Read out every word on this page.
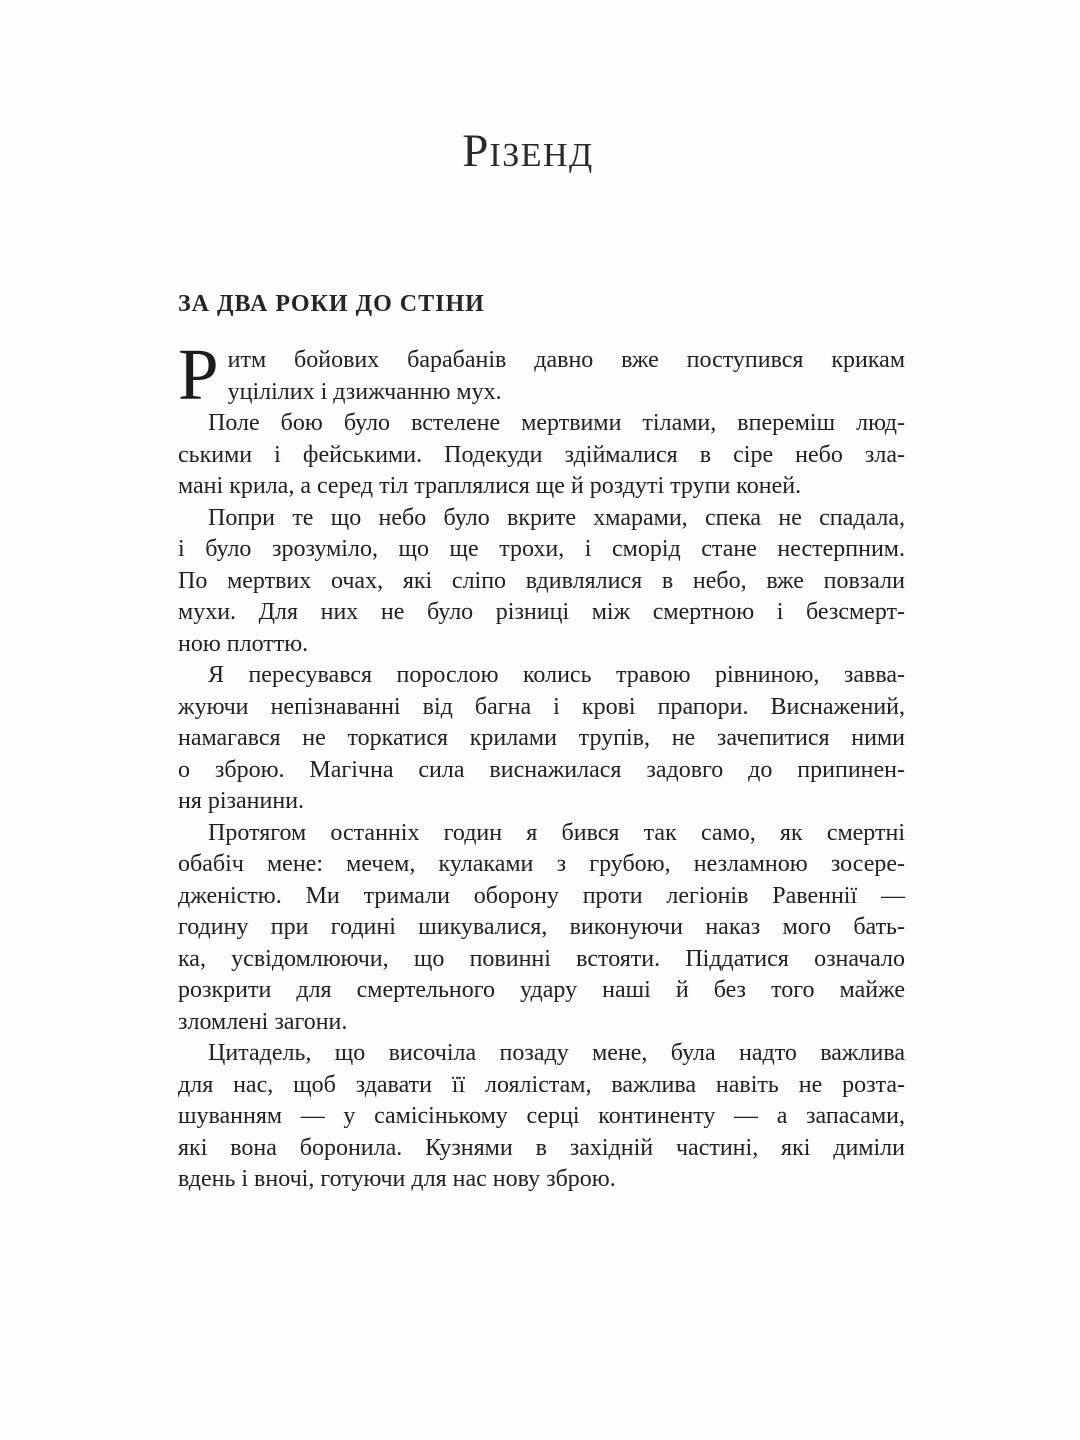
РІЗЕНД
ЗА ДВА РОКИ ДО СТІНИ
Р итм бойових барабанів давно вже поступився крикам
уцілілих і дзижчанню мух.
Поле бою було встелене мертвими тілами, впереміш люд-
ськими і фейськими. Подекуди здіймалися в сіре небо зла-
мані крила, а серед тіл траплялися ще й роздуті трупи коней.
Попри те що небо було вкрите хмарами, спека не спадала,
і було зрозуміло, що ще трохи, і сморід стане нестерпним.
По мертвих очах, які сліпо вдивлялися в небо, вже повзали
мухи. Для них не було різниці між смертною і безсмерт-
ною плоттю.
Я пересувався порослою колись травою рівниною, завва-
жуючи непізнаванні від багна і крові прапори. Виснажений,
намагався не торкатися крилами трупів, не зачепитися ними
о зброю. Магічна сила виснажилася задовго до припинен-
ня різанини.
Протягом останніх годин я бився так само, як смертні
обабіч мене: мечем, кулаками з грубою, незламною зосере-
дженістю. Ми тримали оборону проти легіонів Равеннії —
годину при годині шикувалися, виконуючи наказ мого бать-
ка, усвідомлюючи, що повинні встояти. Піддатися означало
розкрити для смертельного удару наші й без того майже
зломлені загони.
Цитадель, що височіла позаду мене, була надто важлива
для нас, щоб здавати її лоялістам, важлива навіть не розта-
шуванням — у самісінькому серці континенту — а запасами,
які вона боронила. Кузнями в західній частині, які диміли
вдень і вночі, готуючи для нас нову зброю.
